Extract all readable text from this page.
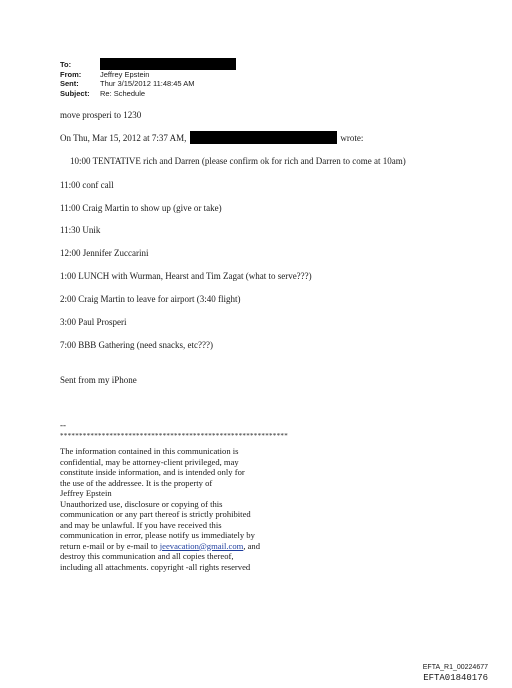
To:
From:	Jeffrey Epstein
Sent:	Thur 3/15/2012 11:48:45 AM
Subject:	Re: Schedule
move prosperi to 1230
On Thu, Mar 15, 2012 at 7:37 AM,	wrote:
10:00 TENTATIVE rich and Darren (please confirm ok for rich and Darren to come at 10am)
11:00 conf call
11:00 Craig Martin to show up (give or take)
11:30 Unik
12:00 Jennifer Zuccarini
1:00 LUNCH with Wurman, Hearst and Tim Zagat (what to serve???)
2:00 Craig Martin to leave for airport (3:40 flight)
3:00 Paul Prosperi
7:00 BBB Gathering (need snacks, etc???)
Sent from my iPhone
--
************************************************************
The information contained in this communication is
confidential, may be attorney-client privileged, may
constitute inside information, and is intended only for
the use of the addressee. It is the property of
Jeffrey Epstein
Unauthorized use, disclosure or copying of this
communication or any part thereof is strictly prohibited
and may be unlawful. If you have received this
communication in error, please notify us immediately by
return e-mail or by e-mail to jeevacation@gmail.com, and
destroy this communication and all copies thereof,
including all attachments. copyright -all rights reserved
EFTA_R1_00224677
EFTA01840176
